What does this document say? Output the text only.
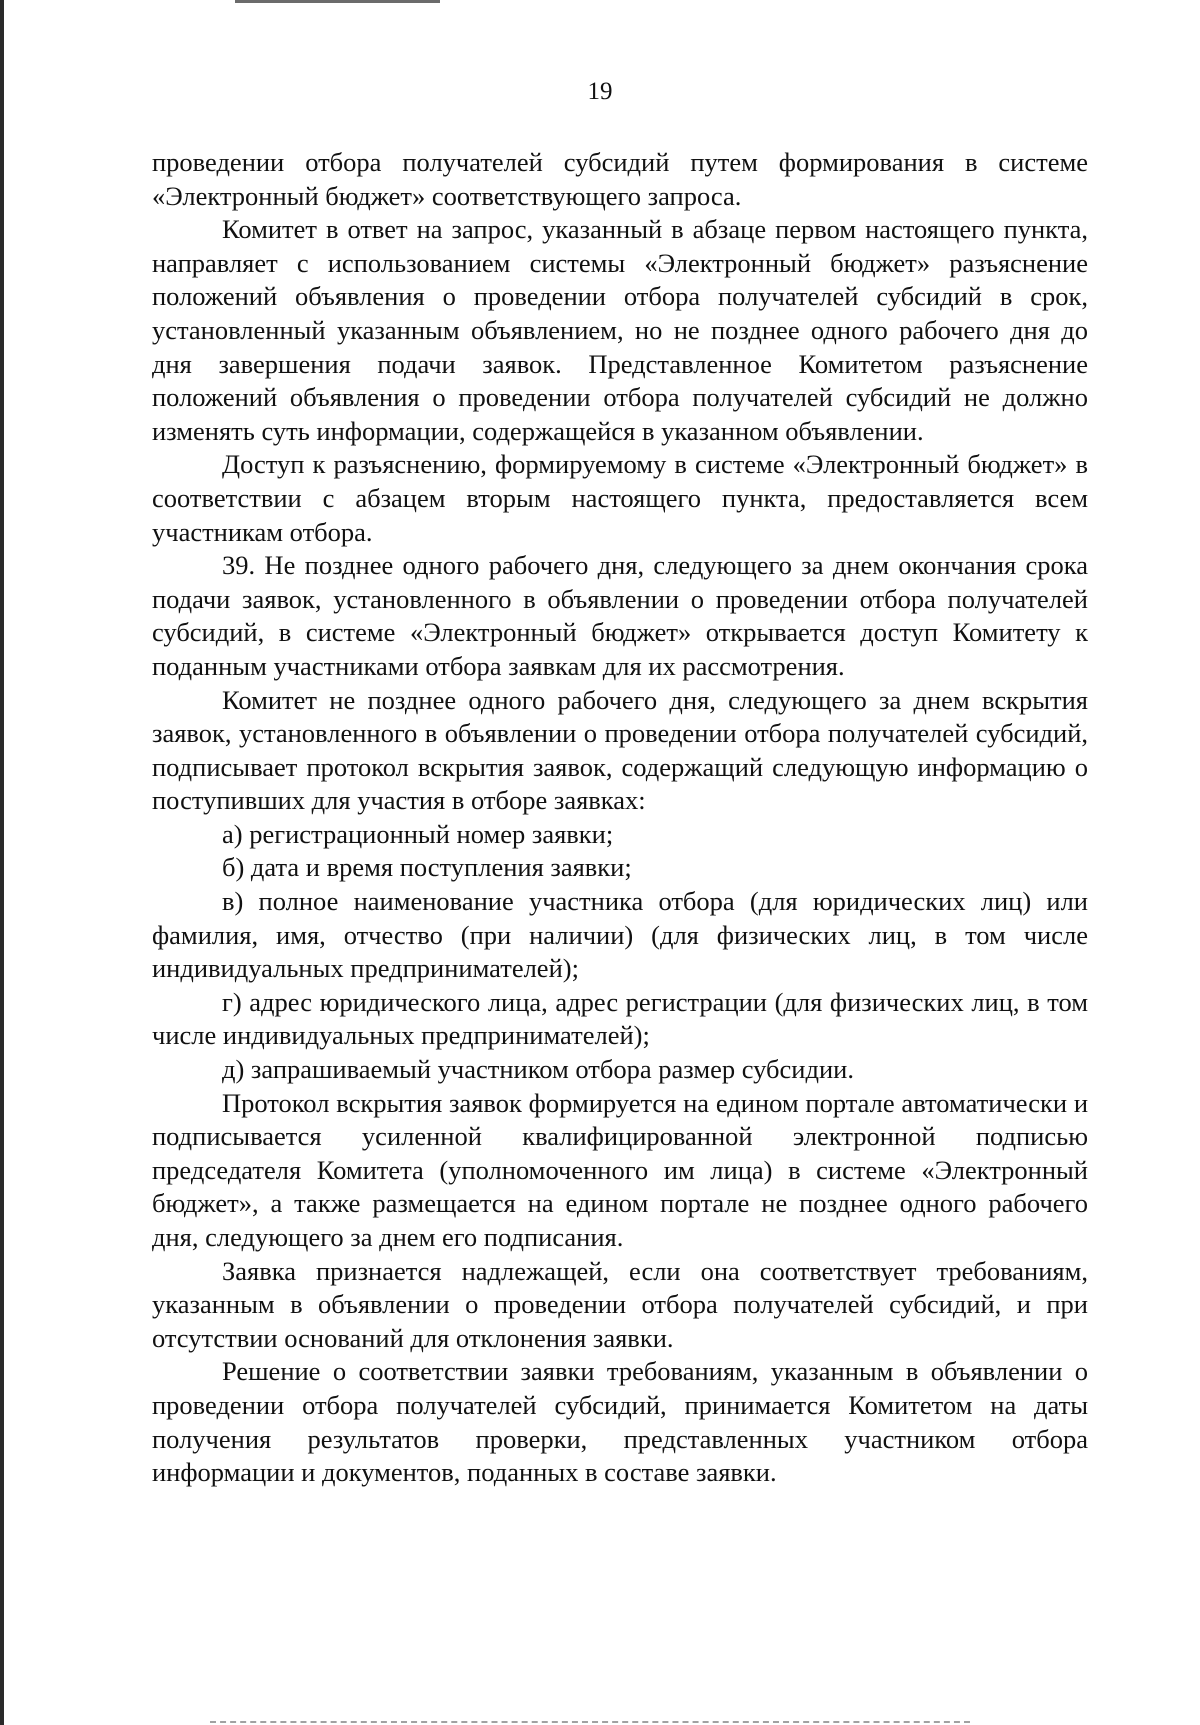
19

проведении отбора получателей субсидий путем формирования в системе «Электронный бюджет» соответствующего запроса.

Комитет в ответ на запрос, указанный в абзаце первом настоящего пункта, направляет с использованием системы «Электронный бюджет» разъяснение положений объявления о проведении отбора получателей субсидий в срок, установленный указанным объявлением, но не позднее одного рабочего дня до дня завершения подачи заявок. Представленное Комитетом разъяснение положений объявления о проведении отбора получателей субсидий не должно изменять суть информации, содержащейся в указанном объявлении.

Доступ к разъяснению, формируемому в системе «Электронный бюджет» в соответствии с абзацем вторым настоящего пункта, предоставляется всем участникам отбора.

39. Не позднее одного рабочего дня, следующего за днем окончания срока подачи заявок, установленного в объявлении о проведении отбора получателей субсидий, в системе «Электронный бюджет» открывается доступ Комитету к поданным участниками отбора заявкам для их рассмотрения.

Комитет не позднее одного рабочего дня, следующего за днем вскрытия заявок, установленного в объявлении о проведении отбора получателей субсидий, подписывает протокол вскрытия заявок, содержащий следующую информацию о поступивших для участия в отборе заявках:

а) регистрационный номер заявки;

б) дата и время поступления заявки;

в) полное наименование участника отбора (для юридических лиц) или фамилия, имя, отчество (при наличии) (для физических лиц, в том числе индивидуальных предпринимателей);

г) адрес юридического лица, адрес регистрации (для физических лиц, в том числе индивидуальных предпринимателей);

д) запрашиваемый участником отбора размер субсидии.

Протокол вскрытия заявок формируется на едином портале автоматически и подписывается усиленной квалифицированной электронной подписью председателя Комитета (уполномоченного им лица) в системе «Электронный бюджет», а также размещается на едином портале не позднее одного рабочего дня, следующего за днем его подписания.

Заявка признается надлежащей, если она соответствует требованиям, указанным в объявлении о проведении отбора получателей субсидий, и при отсутствии оснований для отклонения заявки.

Решение о соответствии заявки требованиям, указанным в объявлении о проведении отбора получателей субсидий, принимается Комитетом на даты получения результатов проверки, представленных участником отбора информации и документов, поданных в составе заявки.
